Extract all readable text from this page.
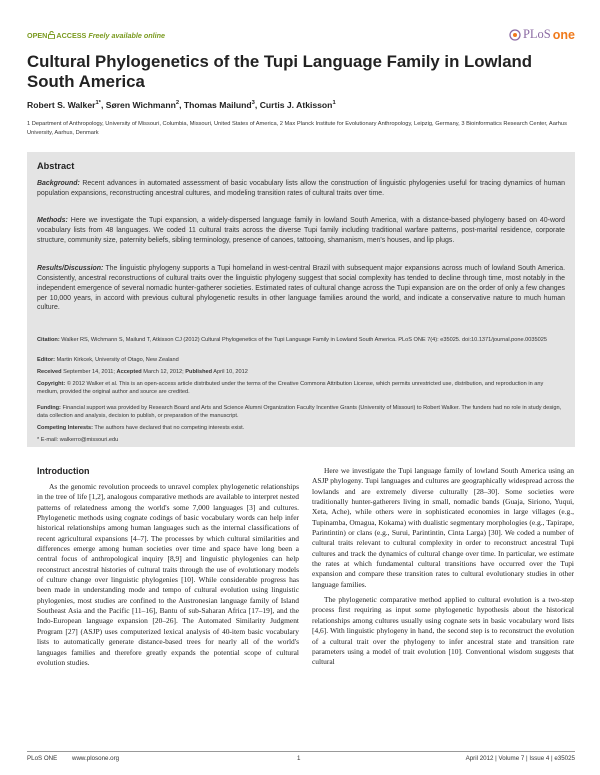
OPEN ACCESS Freely available online	PLoS one
Cultural Phylogenetics of the Tupi Language Family in Lowland South America
Robert S. Walker$^{1*}$, Søren Wichmann$^2$, Thomas Mailund$^3$, Curtis J. Atkisson$^1$
1 Department of Anthropology, University of Missouri, Columbia, Missouri, United States of America, 2 Max Planck Institute for Evolutionary Anthropology, Leipzig, Germany, 3 Bioinformatics Research Center, Aarhus University, Aarhus, Denmark
Abstract

Background: Recent advances in automated assessment of basic vocabulary lists allow the construction of linguistic phylogenies useful for tracing dynamics of human population expansions, reconstructing ancestral cultures, and modeling transition rates of cultural traits over time.

Methods: Here we investigate the Tupi expansion, a widely-dispersed language family in lowland South America, with a distance-based phylogeny based on 40-word vocabulary lists from 48 languages. We coded 11 cultural traits across the diverse Tupi family including traditional warfare patterns, post-marital residence, corporate structure, community size, paternity beliefs, sibling terminology, presence of canoes, tattooing, shamanism, men's houses, and lip plugs.

Results/Discussion: The linguistic phylogeny supports a Tupi homeland in west-central Brazil with subsequent major expansions across much of lowland South America. Consistently, ancestral reconstructions of cultural traits over the linguistic phylogeny suggest that social complexity has tended to decline through time, most notably in the independent emergence of several nomadic hunter-gatherer societies. Estimated rates of cultural change across the Tupi expansion are on the order of only a few changes per 10,000 years, in accord with previous cultural phylogenetic results in other language families around the world, and indicate a conservative nature to much human culture.

Citation: Walker RS, Wichmann S, Mailund T, Atkisson CJ (2012) Cultural Phylogenetics of the Tupi Language Family in Lowland South America. PLoS ONE 7(4): e35025. doi:10.1371/journal.pone.0035025
Editor: Martin Kirkcek, University of Otago, New Zealand
Received September 14, 2011; Accepted March 12, 2012; Published April 10, 2012
Copyright: © 2012 Walker et al. This is an open-access article distributed under the terms of the Creative Commons Attribution License, which permits unrestricted use, distribution, and reproduction in any medium, provided the original author and source are credited.
Funding: Financial support was provided by Research Board and Arts and Science Alumni Organization Faculty Incentive Grants (University of Missouri) to Robert Walker. The funders had no role in study design, data collection and analysis, decision to publish, or preparation of the manuscript.
Competing Interests: The authors have declared that no competing interests exist.
* E-mail: walkerro@missouri.edu
Introduction
As the genomic revolution proceeds to unravel complex phylogenetic relationships in the tree of life [1,2], analogous comparative methods are available to interpret nested patterns of relatedness among the world's some 7,000 languages [3] and cultures. Phylogenetic methods using cognate codings of basic vocabulary words can help infer historical relationships among human languages such as the internal classifications of recent agricultural expansions [4–7]. The processes by which cultural similarities and differences emerge among human societies over time and space have long been a central focus of anthropological inquiry [8,9] and linguistic phylogenies can help reconstruct ancestral histories of cultural traits through the use of evolutionary models of culture change over linguistic phylogenies [10]. While considerable progress has been made in understanding mode and tempo of cultural evolution using linguistic phylogenies, most studies are confined to the Austronesian language family of Island Southeast Asia and the Pacific [11–16], Bantu of sub-Saharan Africa [17–19], and the Indo-European language expansion [20–26]. The Automated Similarity Judgment Program [27] (ASJP) uses computerized lexical analysis of 40-item basic vocabulary lists to automatically generate distance-based trees for nearly all of the world's languages families and therefore greatly expands the potential scope of cultural evolution studies.
Here we investigate the Tupi language family of lowland South America using an ASJP phylogeny. Tupi languages and cultures are geographically widespread across the lowlands and are extremely diverse culturally [28–30]. Some societies were traditionally hunter-gatherers living in small, nomadic bands (Guaja, Siriono, Yuqui, Xeta, Ache), while others were in sophisticated economies in large villages (e.g., Tupinamba, Omagua, Kokama) with dualistic segmentary morphologies (e.g., Tapirape, Parintintin) or clans (e.g., Surui, Parintintin, Cinta Larga) [30]. We coded a number of cultural traits relevant to cultural complexity in order to reconstruct ancestral Tupi cultures and track the dynamics of cultural change over time. In particular, we estimate the rates at which fundamental cultural transitions have occurred over the Tupi expansion and compare these transition rates to cultural evolutionary studies in other language families.
The phylogenetic comparative method applied to cultural evolution is a two-step process first requiring as input some phylogenetic hypothesis about the historical relationships among cultures usually using cognate sets in basic vocabulary word lists [4,6]. With linguistic phylogeny in hand, the second step is to reconstruct the evolution of a cultural trait over the phylogeny to infer ancestral state and transition rate parameters using a model of trait evolution [10]. Conventional wisdom suggests that cultural
PLoS ONE www.plosone.org	1	April 2012 | Volume 7 | Issue 4 | e35025
